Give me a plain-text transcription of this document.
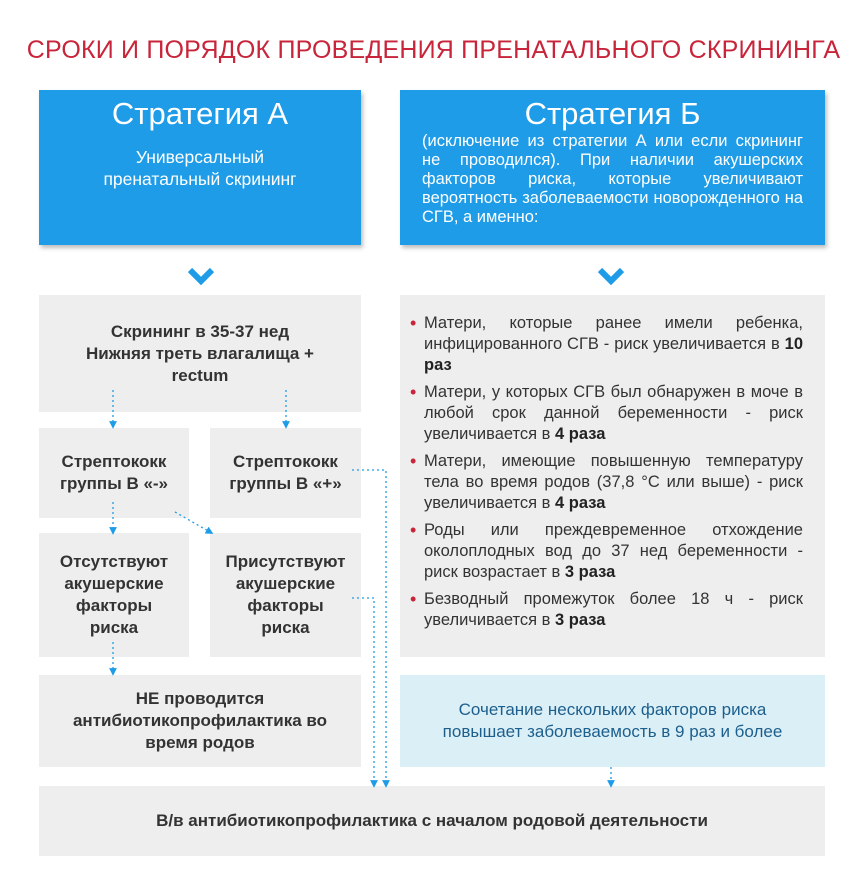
СРОКИ И ПОРЯДОК ПРОВЕДЕНИЯ ПРЕНАТАЛЬНОГО СКРИНИНГА
Стратегия А
Универсальный
пренатальный скрининг
Стратегия Б
(исключение из стратегии А или если скрининг не проводился). При наличии акушерских факторов риска, которые увеличивают вероятность заболеваемости новорожденного на СГВ, а именно:
Скрининг в 35-37 нед
Нижняя треть влагалища +
rectum
Стрептококк
группы В «-»
Стрептококк
группы В «+»
Отсутствуют
акушерские
факторы
риска
Присутствуют
акушерские
факторы
риска
НЕ проводится
антибиотикопрофилактика во
время родов
• Матери, которые ранее имели ребенка, инфицированного СГВ - риск увеличивается в 10 раз
• Матери, у которых СГВ был обнаружен в моче в любой срок данной беременности - риск увеличивается в 4 раза
• Матери, имеющие повышенную температуру тела во время родов (37,8 °C или выше) - риск увеличивается в 4 раза
• Роды или преждевременное отхождение околоплодных вод до 37 нед беременности - риск возрастает в 3 раза
• Безводный промежуток более 18 ч - риск увеличивается в 3 раза
Сочетание нескольких факторов риска
повышает заболеваемость в 9 раз и более
В/в антибиотикопрофилактика с началом родовой деятельности
